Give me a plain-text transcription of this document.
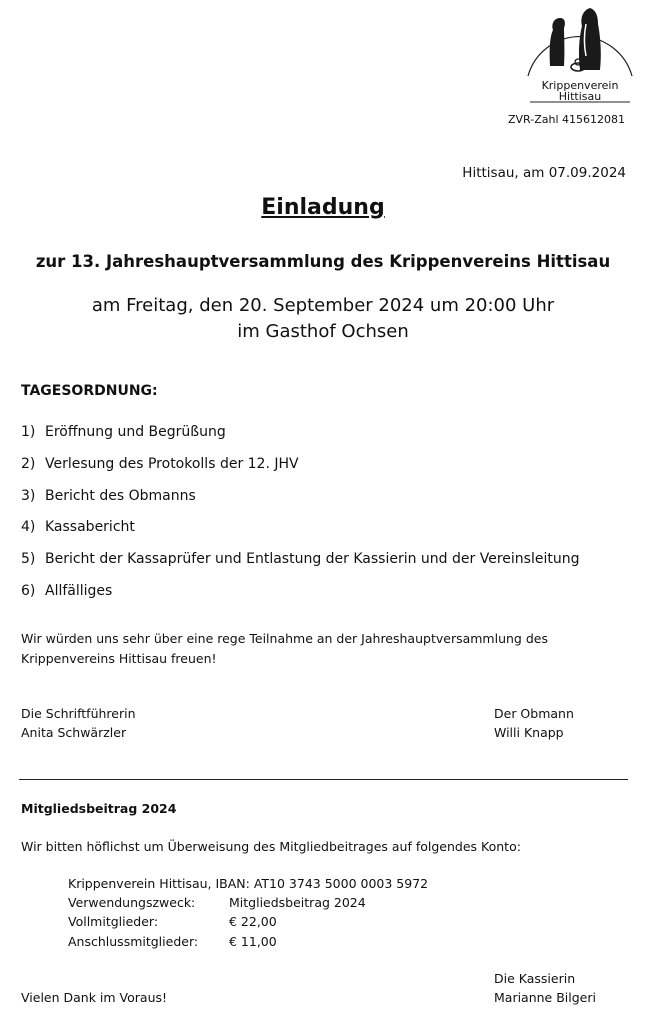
Krippenverein
Hittisau
ZVR-Zahl 415612081
Hittisau, am 07.09.2024
Einladung
zur 13. Jahreshauptversammlung des Krippenvereins Hittisau
am Freitag, den 20. September 2024 um 20:00 Uhr
im Gasthof Ochsen
TAGESORDNUNG:
1) Eröffnung und Begrüßung
2) Verlesung des Protokolls der 12. JHV
3) Bericht des Obmanns
4) Kassabericht
5) Bericht der Kassaprüfer und Entlastung der Kassierin und der Vereinsleitung
6) Allfälliges
Wir würden uns sehr über eine rege Teilnahme an der Jahreshauptversammlung des
Krippenvereins Hittisau freuen!
Die Schriftführerin
Anita Schwärzler
Der Obmann
Willi Knapp
Mitgliedsbeitrag 2024
Wir bitten höflichst um Überweisung des Mitgliedbeitrages auf folgendes Konto:
Krippenverein Hittisau, IBAN: AT10 3743 5000 0003 5972
Verwendungszweck:	Mitgliedsbeitrag 2024
Vollmitglieder:	€ 22,00
Anschlussmitglieder: € 11,00
Vielen Dank im Voraus!
Die Kassierin
Marianne Bilgeri
